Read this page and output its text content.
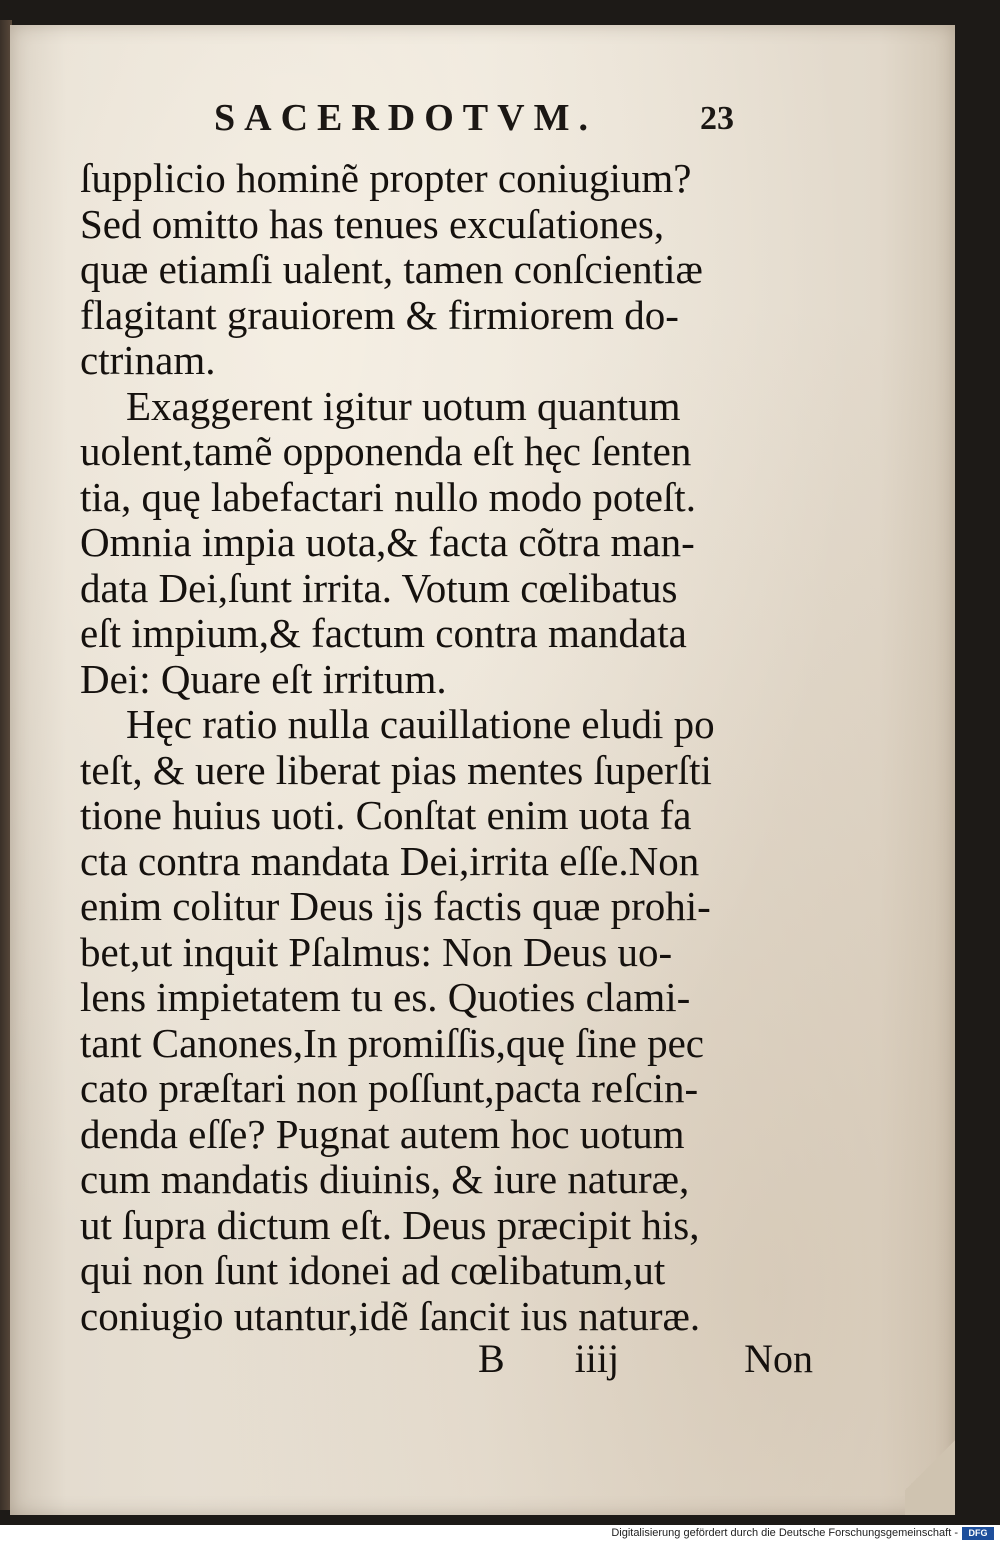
SACERDOTVM.	23
ſupplicio hominẽ propter coniugium?
Sed omitto has tenues excuſationes,
quæ etiamſi ualent, tamen conſcientiæ
flagitant grauiorem & firmiorem do-
ctrinam.
Exaggerent igitur uotum quantum
uolent,tamẽ opponenda eſt hęc ſenten
tia, quę labefactari nullo modo poteſt.
Omnia impia uota,& facta cõtra man-
data Dei,ſunt irrita. Votum cœlibatus
eſt impium,& factum contra mandata
Dei: Quare eſt irritum.
Hęc ratio nulla cauillatione eludi po
teſt, & uere liberat pias mentes ſuperſti
tione huius uoti. Conſtat enim uota fa
cta contra mandata Dei,irrita eſſe.Non
enim colitur Deus ijs factis quæ prohi-
bet,ut inquit Pſalmus: Non Deus uo-
lens impietatem tu es. Quoties clami-
tant Canones,In promiſſis,quę ſine pec
cato præſtari non poſſunt,pacta reſcin-
denda eſſe? Pugnat autem hoc uotum
cum mandatis diuinis, & iure naturæ,
ut ſupra dictum eſt. Deus præcipit his,
qui non ſunt idonei ad cœlibatum,ut
coniugio utantur,idẽ ſancit ius naturæ.
B iiij	Non
Digitalisierung gefördert durch die Deutsche Forschungsgemeinschaft -	DFG
